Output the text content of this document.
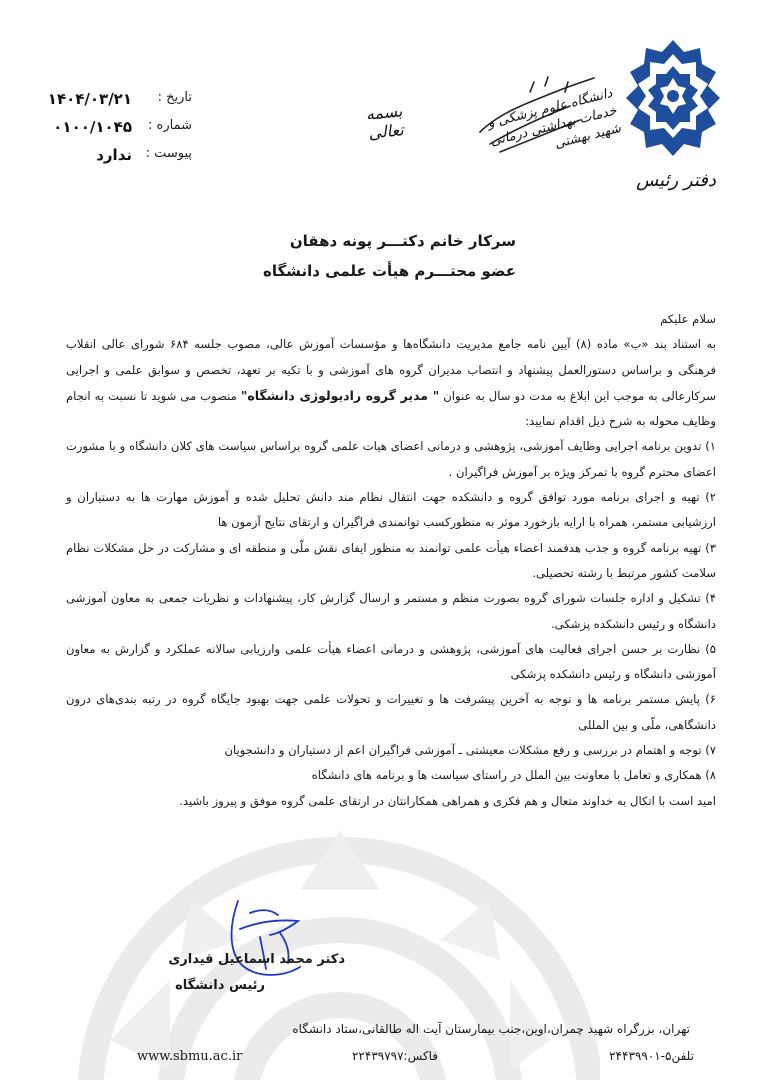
دفتر رئیس
دانشگاه علوم پزشکی و خدمات بهداشتی درمانی شهید بهشتی
بسمه تعالی
تاریخ :
۱۴۰۴/۰۳/۲۱
شماره :
۰۱۰۰/۱۰۴۵
پیوست :
ندارد
سرکار خانم دکتـــر پونه دهقان
عضو محتـــرم هیأت علمی دانشگاه

سلام علیکم

به استناد بند «ب» ماده (۸) آیین نامه جامع مدیریت دانشگاه‌ها و مؤسسات آموزش عالی، مصوب جلسه ۶۸۴ شورای عالی انقلاب فرهنگی و براساس دستورالعمل پیشنهاد و انتصاب مدیران گروه های آموزشی و با تکیه بر تعهد، تخصص و سوابق علمی و اجرایی سرکارعالی به موجب این ابلاغ به مدت دو سال به عنوان " مدیر گروه رادیولوژی دانشگاه" منصوب می شوید تا نسبت به انجام وظایف محوله به شرح ذیل اقدام نمایید:

۱) تدوین برنامه اجرایی وظایف آموزشی، پژوهشی و درمانی اعضای هیات علمی گروه براساس سیاست های کلان دانشگاه و با مشورت اعضای محترم گروه با تمرکز ویژه بر آموزش فراگیران .

۲) تهیه و اجرای برنامه مورد توافق گروه و دانشکده جهت انتقال نظام مند دانش تحلیل شده و آموزش مهارت ها به دستیاران و ارزشیابی مستمر، همراه با ارایه بازخورد موثر به منظورکسب توانمندی فراگیران و ارتقای نتایج آزمون ها

۳) تهیه برنامه گروه و جذب هدفمند اعضاء هیأت علمی توانمند به منظور ایفای نقش ملّی و منطقه ای و مشارکت در حل مشکلات نظام سلامت کشور مرتبط با رشته تحصیلی.

۴) تشکیل و اداره جلسات شورای گروه بصورت منظم و مستمر و ارسال گزارش کار، پیشنهادات و نظریات جمعی به معاون آموزشی دانشگاه و رئیس دانشکده پزشکی.

۵) نظارت بر حسن اجرای فعالیت های آموزشی، پژوهشی و درمانی اعضاء هیأت علمی وارزیابی سالانه عملکرد و گزارش به معاون آموزشی دانشگاه و رئیس دانشکده پزشکی

۶) پایش مستمر برنامه ها و توجه به آخرین پیشرفت ها و تغییرات و تحولات علمی جهت بهبود جایگاه گروه در رتبه بندی‌های درون دانشگاهی، ملّی و بین المللی

۷) توجه و اهتمام در بررسی و رفع مشکلات معیشتی ـ آموزشی فراگیران اعم از دستیاران و دانشجویان

۸) همکاری و تعامل با معاونت بین الملل در راستای سیاست ها و برنامه های دانشگاه

امید است با اتکال به خداوند متعال و هم فکری و همراهی همکارانتان در ارتقای علمی گروه موفق و پیروز باشید.

دکتر محمد اسماعیل قیداری
رئیس دانشگاه
تهران، بزرگراه شهید چمران،اوین،جنب بیمارستان آیت اله طالقانی،ستاد دانشگاه
تلفن۵-۲۴۴۳۹۹۰۱
فاکس:۲۲۴۳۹۷۹۷
www.sbmu.ac.ir
